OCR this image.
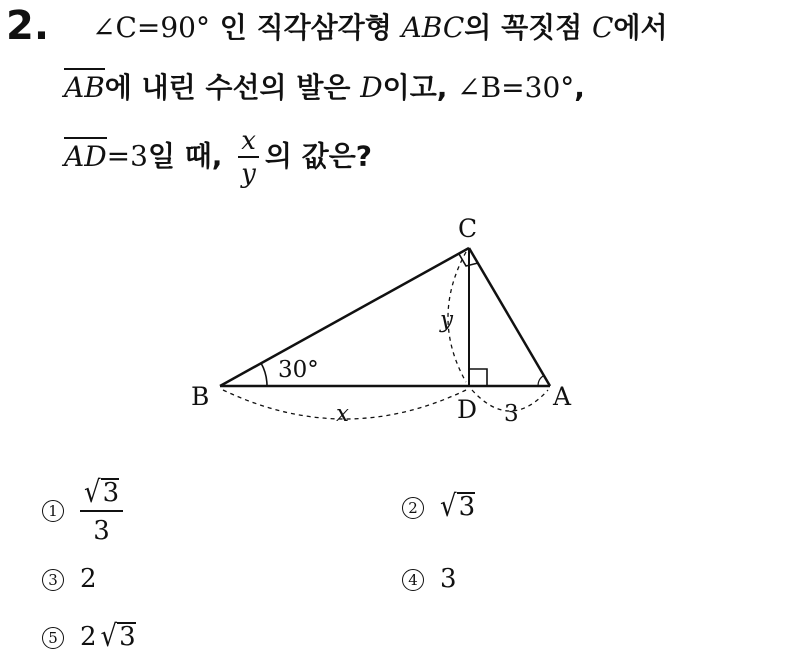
2. ∠C=90° 인 직각삼각형 ABC의 꼭짓점 C에서
AB에 내린 수선의 발은 D이고, ∠B=30°,
AD=3일 때, $\frac{x}{y}$ 의 값은?
C
B	A
D
30°
x
y
3
$1 \frac{√3}{3}$	2 √3
3 2	4 3
5 2 √3
